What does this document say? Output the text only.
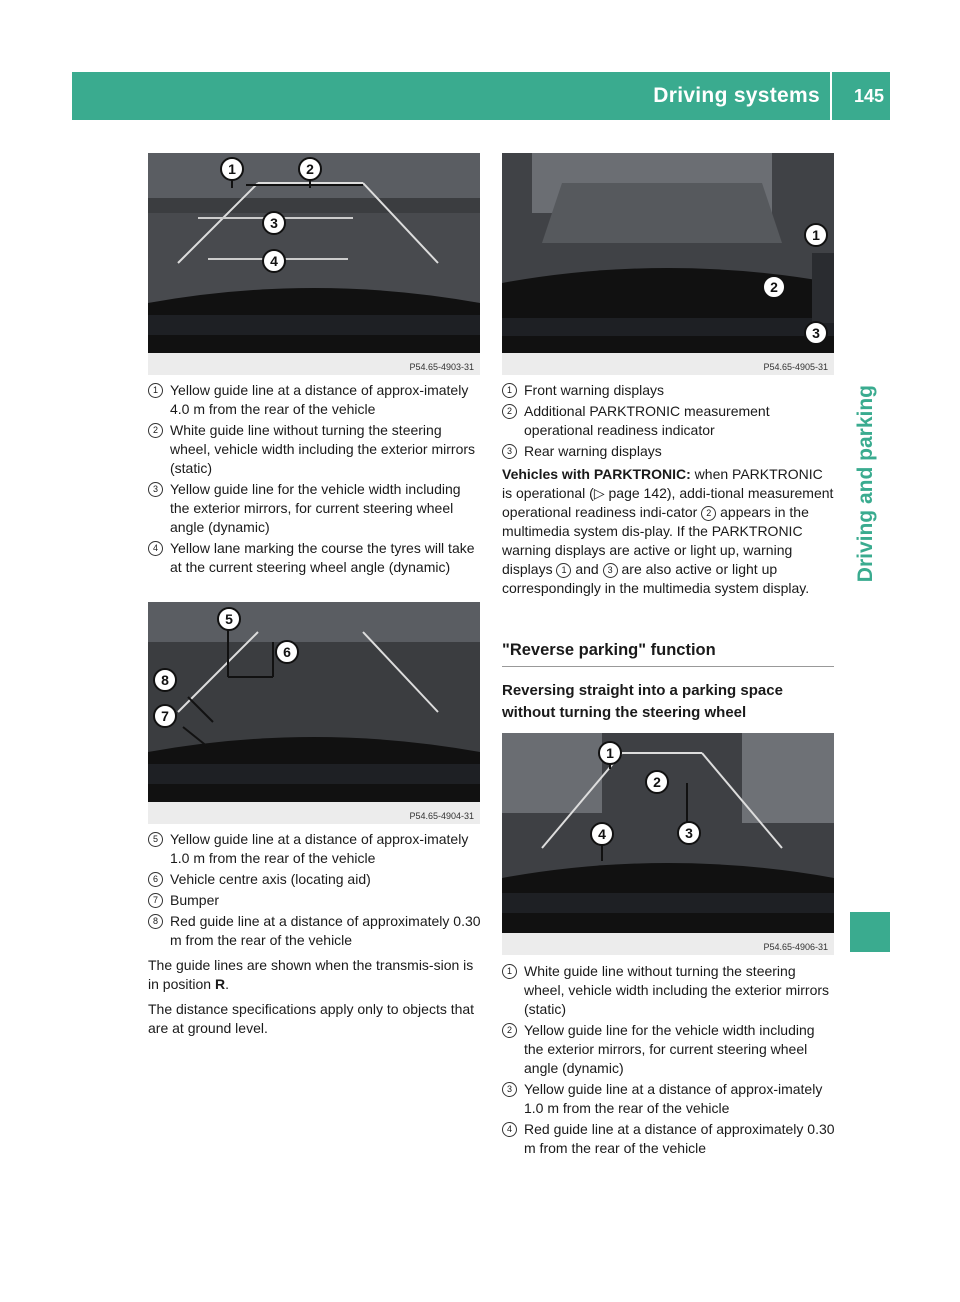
Driving systems 145
Driving and parking
1	2
3
4
P54.65-4903-31
1
2
3
P54.65-4905-31
1 Yellow guide line at a distance of approx-imately 4.0 m from the rear of the vehicle
2 White guide line without turning the steering wheel, vehicle width including the exterior mirrors (static)
3 Yellow guide line for the vehicle width including the exterior mirrors, for current steering wheel angle (dynamic)
4 Yellow lane marking the course the tyres will take at the current steering wheel angle (dynamic)
5
6
8
7
P54.65-4904-31
1 Front warning displays
2 Additional PARKTRONIC measurement operational readiness indicator
3 Rear warning displays
Vehicles with PARKTRONIC: when PARKTRONIC is operational (▷ page 142), addi-tional measurement operational readiness indi-cator 2 appears in the multimedia system dis-play. If the PARKTRONIC warning displays are active or light up, warning displays 1 and 3 are also active or light up correspondingly in the multimedia system display.
"Reverse parking" function
Reversing straight into a parking space without turning the steering wheel
5 Yellow guide line at a distance of approx-imately 1.0 m from the rear of the vehicle
6 Vehicle centre axis (locating aid)
7 Bumper
8 Red guide line at a distance of approximately 0.30 m from the rear of the vehicle
The guide lines are shown when the transmis-sion is in position R.
The distance specifications apply only to objects that are at ground level.
1
2
3
4
P54.65-4906-31
1 White guide line without turning the steering wheel, vehicle width including the exterior mirrors (static)
2 Yellow guide line for the vehicle width including the exterior mirrors, for current steering wheel angle (dynamic)
3 Yellow guide line at a distance of approx-imately 1.0 m from the rear of the vehicle
4 Red guide line at a distance of approximately 0.30 m from the rear of the vehicle
